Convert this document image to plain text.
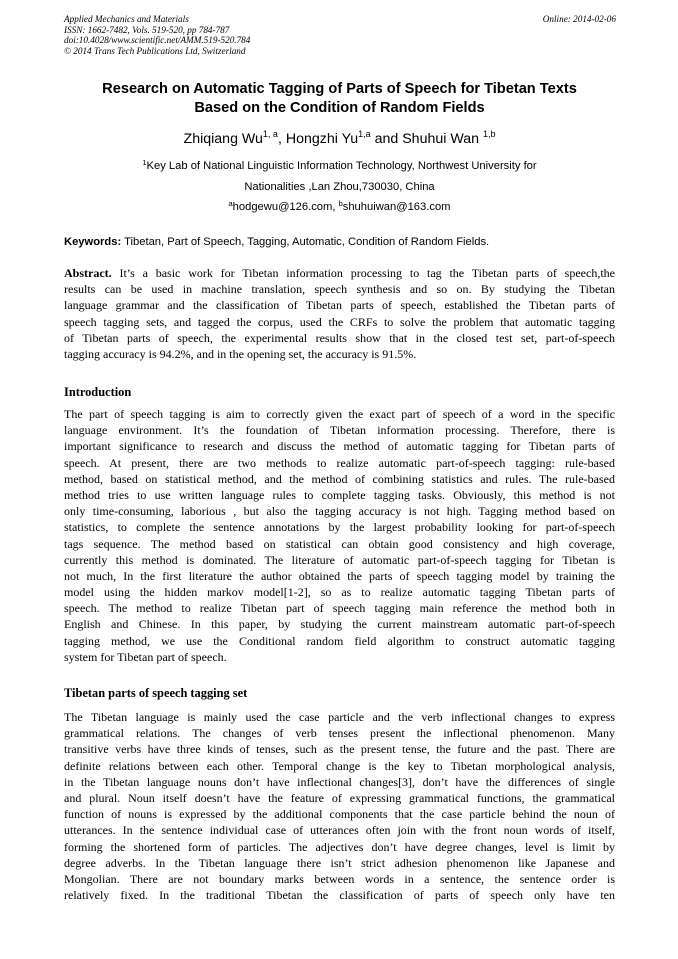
Applied Mechanics and Materials
ISSN: 1662-7482, Vols. 519-520, pp 784-787
doi:10.4028/www.scientific.net/AMM.519-520.784
© 2014 Trans Tech Publications Ltd, Switzerland
Online: 2014-02-06
Research on Automatic Tagging of Parts of Speech for Tibetan Texts
Based on the Condition of Random Fields
Zhiqiang Wu$^{1, a}$, Hongzhi Yu$^{1,a}$ and Shuhui Wan $^{1,b}$
$^1$Key Lab of National Linguistic Information Technology, Northwest University for
Nationalities ,Lan Zhou,730030, China
$^a$hodgewu@126.com, $^b$shuhuiwan@163.com
Keywords: Tibetan, Part of Speech, Tagging, Automatic, Condition of Random Fields.
Abstract. It’s a basic work for Tibetan information processing to tag the Tibetan parts of speech,the
results can be used in machine translation, speech synthesis and so on. By studying the Tibetan
language grammar and the classification of Tibetan parts of speech, established the Tibetan parts of
speech tagging sets, and tagged the corpus, used the CRFs to solve the problem that automatic tagging
of Tibetan parts of speech, the experimental results show that in the closed test set, part-of-speech
tagging accuracy is 94.2%, and in the opening set, the accuracy is 91.5%.
Introduction
The part of speech tagging is aim to correctly given the exact part of speech of a word in the specific
language environment. It’s the foundation of Tibetan information processing. Therefore, there is
important significance to research and discuss the method of automatic tagging for Tibetan parts of
speech. At present, there are two methods to realize automatic part-of-speech tagging: rule-based
method, based on statistical method, and the method of combining statistics and rules. The rule-based
method tries to use written language rules to complete tagging tasks. Obviously, this method is not
only time-consuming, laborious , but also the tagging accuracy is not high. Tagging method based on
statistics, to complete the sentence annotations by the largest probability looking for part-of-speech
tags sequence. The method based on statistical can obtain good consistency and high coverage,
currently this method is dominated. The literature of automatic part-of-speech tagging for Tibetan is
not much, In the first literature the author obtained the parts of speech tagging model by training the
model using the hidden markov model[1-2], so as to realize automatic tagging Tibetan parts of
speech. The method to realize Tibetan part of speech tagging main reference the method both in
English and Chinese. In this paper, by studying the current mainstream automatic part-of-speech
tagging method, we use the Conditional random field algorithm to construct automatic tagging
system for Tibetan part of speech.
Tibetan parts of speech tagging set
The Tibetan language is mainly used the case particle and the verb inflectional changes to express
grammatical relations. The changes of verb tenses present the inflectional phenomenon. Many
transitive verbs have three kinds of tenses, such as the present tense, the future and the past. There are
definite relations between each other. Temporal change is the key to Tibetan morphological analysis,
in the Tibetan language nouns don’t have inflectional changes[3], don’t have the differences of single
and plural. Noun itself doesn’t have the feature of expressing grammatical functions, the grammatical
function of nouns is expressed by the additional components that the case particle behind the noun of
utterances. In the sentence individual case of utterances often join with the front noun words of itself,
forming the shortened form of particles. The adjectives don’t have degree changes, level is limit by
degree adverbs. In the Tibetan language there isn’t strict adhesion phenomenon like Japanese and
Mongolian. There are not boundary marks between words in a sentence, the sentence order is
relatively fixed. In the traditional Tibetan the classification of parts of speech only have ten
